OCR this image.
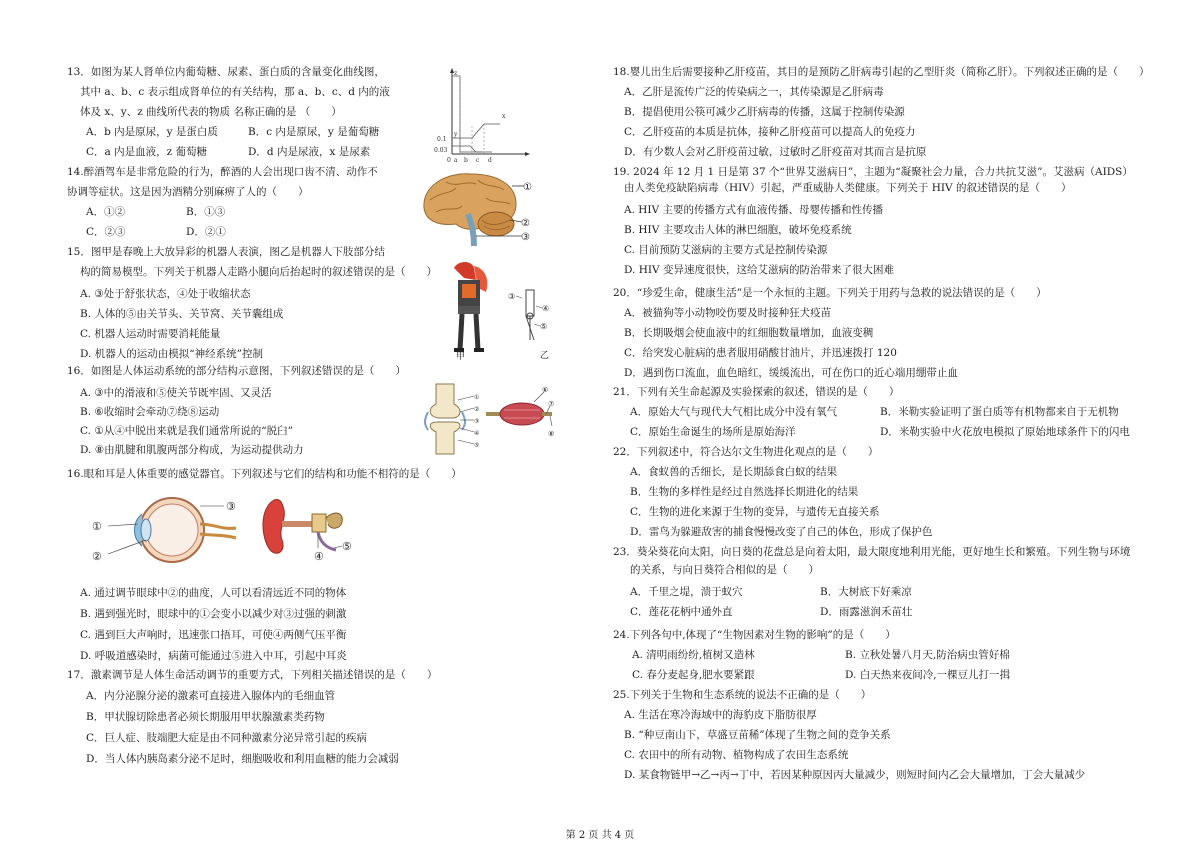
13．如图为某人肾单位内葡萄糖、尿素、蛋白质的含量变化曲线图，
其中 a、b、c 表示组成肾单位的有关结构，那 a、b、c、d 内的液
体及 x、y、z 曲线所代表的物质 名称正确的是 （　　）
A．b 内是原尿，y 是蛋白质	B．c 内是原尿，y 是葡萄糖
C．a 内是血液，z 葡萄糖	D．d 内是尿液，x 是尿素
0.1
0.03
0 a b c d
x
y
z
14.醉酒驾车是非常危险的行为，醉酒的人会出现口齿不清、动作不
协调等症状。这是因为酒精分别麻痹了人的（　　）
A．①②	B．①③
C．②③	D．②①
①
②
③
15．图甲是春晚上大放异彩的机器人表演，图乙是机器人下肢部分结
构的简易模型。下列关于机器人走路小腿向后抬起时的叙述错误的是（　　）
A. ③处于舒张状态，④处于收缩状态
B. 人体的⑤由关节头、关节窝、关节囊组成
C. 机器人运动时需要消耗能量
D. 机器人的运动由模拟“神经系统”控制	甲
③
④
⑤
乙
16．如图是人体运动系统的部分结构示意图，下列叙述错误的是（　　）
A. ③中的滑液和⑤使关节既牢固、又灵活
B. ⑥收缩时会牵动⑦绕⑧运动
C. ①从④中脱出来就是我们通常所说的“脱臼”
D. ⑧由肌腱和肌腹两部分构成，为运动提供动力
①
②
③
④
⑤
⑥
⑦
⑧
16.眼和耳是人体重要的感觉器官。下列叙述与它们的结构和功能不相符的是（　　）
①
②
③
④
⑤
A. 通过调节眼球中②的曲度，人可以看清远近不同的物体
B. 遇到强光时，眼球中的①会变小以减少对③过强的刺激
C. 遇到巨大声响时，迅速张口捂耳，可使④两侧气压平衡
D. 呼吸道感染时，病菌可能通过⑤进入中耳，引起中耳炎
17．激素调节是人体生命活动调节的重要方式，下列相关描述错误的是（　　）
A．内分泌腺分泌的激素可直接进入腺体内的毛细血管
B．甲状腺切除患者必须长期服用甲状腺激素类药物
C．巨人症、肢端肥大症是由不同种激素分泌异常引起的疾病
D．当人体内胰岛素分泌不足时，细胞吸收和利用血糖的能力会减弱
18.婴儿出生后需要接种乙肝疫苗，其目的是预防乙肝病毒引起的乙型肝炎（简称乙肝）。下列叙述正确的是（　　）
A．乙肝是流传广泛的传染病之一，其传染源是乙肝病毒
B．提倡使用公筷可减少乙肝病毒的传播，这属于控制传染源
C．乙肝疫苗的本质是抗体，接种乙肝疫苗可以提高人的免疫力
D．有少数人会对乙肝疫苗过敏，过敏时乙肝疫苗对其而言是抗原
19. 2024 年 12 月 1 日是第 37 个“世界艾滋病日”，主题为“凝聚社会力量，合力共抗艾滋”。艾滋病（AIDS）
由人类免疫缺陷病毒（HIV）引起，严重威胁人类健康。下列关于 HIV 的叙述错误的是（　　）
A. HIV 主要的传播方式有血液传播、母婴传播和性传播
B. HIV 主要攻击人体的淋巴细胞，破坏免疫系统
C. 目前预防艾滋病的主要方式是控制传染源
D. HIV 变异速度很快，这给艾滋病的防治带来了很大困难
20．“珍爱生命，健康生活”是一个永恒的主题。下列关于用药与急救的说法错误的是（　　）
A．被猫狗等小动物咬伤要及时接种狂犬疫苗
B．长期吸烟会使血液中的红细胞数量增加，血液变稠
C．给突发心脏病的患者服用硝酸甘油片，并迅速拨打 120
D．遇到伤口流血，血色暗红，缓缓流出，可在伤口的近心端用绷带止血
21．下列有关生命起源及实验探索的叙述，错误的是（　　）
A．原始大气与现代大气相比成分中没有氧气	B．米勒实验证明了蛋白质等有机物都来自于无机物
C．原始生命诞生的场所是原始海洋	D．米勒实验中火花放电模拟了原始地球条件下的闪电
22．下列叙述中，符合达尔文生物进化观点的是（　　）
A．食蚁兽的舌细长，是长期舔食白蚁的结果
B．生物的多样性是经过自然选择长期进化的结果
C．生物的进化来源于生物的变异，与遗传无直接关系
D．雷鸟为躲避敌害的捕食慢慢改变了自己的体色，形成了保护色
23．葵朵葵花向太阳，向日葵的花盘总是向着太阳，最大限度地利用光能，更好地生长和繁殖。下列生物与环境
的关系，与向日葵符合相似的是（　　）
A．千里之堤，溃于蚁穴	B．大树底下好乘凉
C．莲花花柄中通外直	D．雨露滋润禾苗壮
24.下列各句中,体现了“生物因素对生物的影响”的是（　　）
A. 清明雨纷纷,植树又造林	B. 立秋处暑八月天,防治病虫管好棉
C. 春分麦起身,肥水要紧跟	D. 白天热来夜间冷,一棵豆儿打一揖
25.下列关于生物和生态系统的说法不正确的是（　　）
A. 生活在寒冷海域中的海豹皮下脂肪很厚
B. “种豆南山下，草盛豆苗稀”体现了生物之间的竞争关系
C. 农田中的所有动物、植物构成了农田生态系统
D. 某食物链甲→乙→丙→丁中，若因某种原因丙大量减少，则短时间内乙会大量增加，丁会大量减少
第 2 页 共 4 页
